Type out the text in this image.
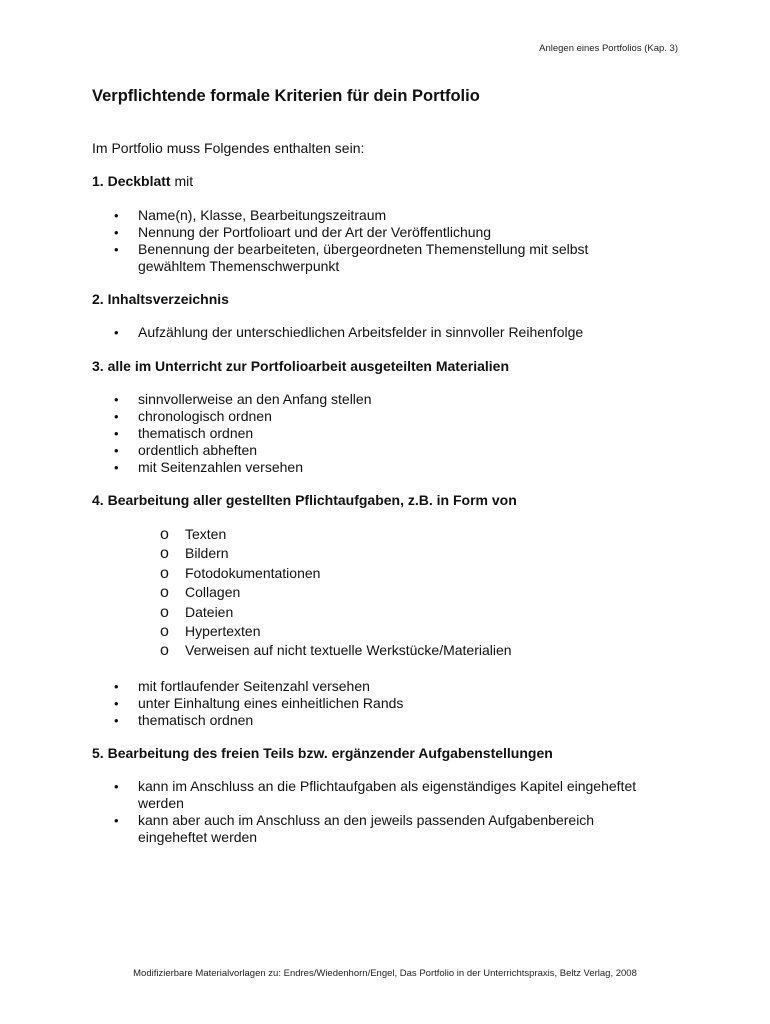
Anlegen eines Portfolios (Kap. 3)
Verpflichtende formale Kriterien für dein Portfolio

Im Portfolio muss Folgendes enthalten sein:

1. Deckblatt mit

•	Name(n), Klasse, Bearbeitungszeitraum
•	Nennung der Portfolioart und der Art der Veröffentlichung
•	Benennung der bearbeiteten, übergeordneten Themenstellung mit selbst gewähltem Themenschwerpunkt

2. Inhaltsverzeichnis

•	Aufzählung der unterschiedlichen Arbeitsfelder in sinnvoller Reihenfolge

3. alle im Unterricht zur Portfolioarbeit ausgeteilten Materialien

•	sinnvollerweise an den Anfang stellen
•	chronologisch ordnen
•	thematisch ordnen
•	ordentlich abheften
•	mit Seitenzahlen versehen

4. Bearbeitung aller gestellten Pflichtaufgaben, z.B. in Form von

o Texten
o Bildern
o Fotodokumentationen
o Collagen
o Dateien
o Hypertexten
o Verweisen auf nicht textuelle Werkstücke/Materialien
•	mit fortlaufender Seitenzahl versehen
•	unter Einhaltung eines einheitlichen Rands
•	thematisch ordnen

5. Bearbeitung des freien Teils bzw. ergänzender Aufgabenstellungen

•	kann im Anschluss an die Pflichtaufgaben als eigenständiges Kapitel eingeheftet werden
•	kann aber auch im Anschluss an den jeweils passenden Aufgabenbereich eingeheftet werden
Modifizierbare Materialvorlagen zu: Endres/Wiedenhorn/Engel, Das Portfolio in der Unterrichtspraxis, Beltz Verlag, 2008
